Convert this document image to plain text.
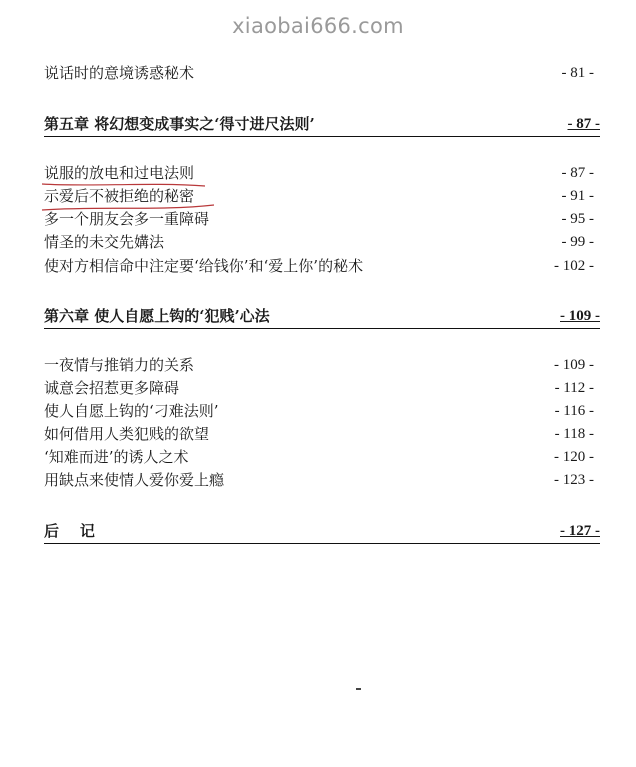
xiaobai666.com
说话时的意境诱惑秘术	- 81 -
第五章 将幻想变成事实之‘得寸进尺法则’	- 87 -
说服的放电和过电法则	- 87 -
示爱后不被拒绝的秘密	- 91 -
多一个朋友会多一重障碍	- 95 -
情圣的未交先媾法	- 99 -
使对方相信命中注定要‘给钱你’和‘爱上你’的秘术	- 102 -
第六章 使人自愿上钩的‘犯贱’心法	- 109 -
一夜情与推销力的关系	- 109 -
诚意会招惹更多障碍	- 112 -
使人自愿上钩的‘刁难法则’	- 116 -
如何借用人类犯贱的欲望	- 118 -
‘知难而进’的诱人之术	- 120 -
用缺点来使情人爱你爱上瘾	- 123 -
后    记	- 127 -
